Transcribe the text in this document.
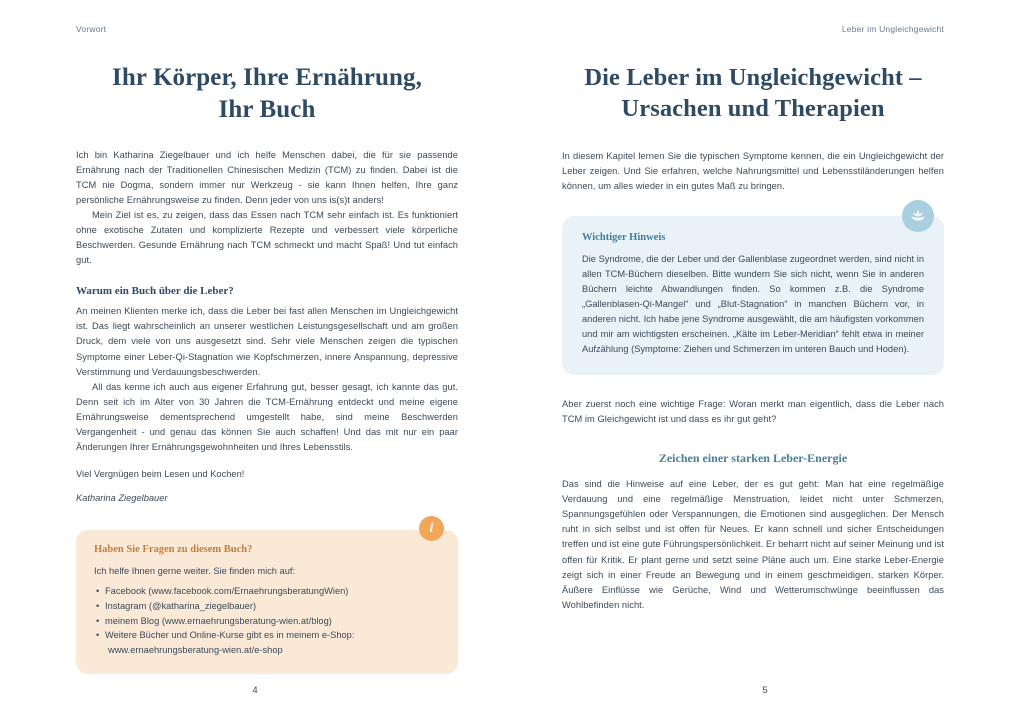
Vorwort
Ihr Körper, Ihre Ernährung,
Ihr Buch

Ich bin Katharina Ziegelbauer und ich helfe Menschen dabei, die für sie passende Ernährung nach der Traditionellen Chinesischen Medizin (TCM) zu finden. Dabei ist die TCM nie Dogma, sondern immer nur Werkzeug - sie kann Ihnen helfen, Ihre ganz persönliche Ernährungsweise zu finden. Denn jeder von uns is(s)t anders!

Mein Ziel ist es, zu zeigen, dass das Essen nach TCM sehr einfach ist. Es funktioniert ohne exotische Zutaten und komplizierte Rezepte und verbessert viele körperliche Beschwerden. Gesunde Ernährung nach TCM schmeckt und macht Spaß! Und tut einfach gut.

Warum ein Buch über die Leber?

An meinen Klienten merke ich, dass die Leber bei fast allen Menschen im Ungleichgewicht ist. Das liegt wahrscheinlich an unserer westlichen Leistungsgesellschaft und am großen Druck, dem viele von uns ausgesetzt sind. Sehr viele Menschen zeigen die typischen Symptome einer Leber-Qi-Stagnation wie Kopfschmerzen, innere Anspannung, depressive Verstimmung und Verdauungsbeschwerden.

All das kenne ich auch aus eigener Erfahrung gut, besser gesagt, ich kannte das gut. Denn seit ich im Alter von 30 Jahren die TCM-Ernährung entdeckt und meine eigene Ernährungsweise dementsprechend umgestellt habe, sind meine Beschwerden Vergangenheit - und genau das können Sie auch schaffen! Und das mit nur ein paar Änderungen Ihrer Ernährungsgewohnheiten und Ihres Lebensstils.

Viel Vergnügen beim Lesen und Kochen!

Katharina Ziegelbauer

i
Haben Sie Fragen zu diesem Buch?

Ich helfe Ihnen gerne weiter. Sie finden mich auf:

• Facebook (www.facebook.com/ErnaehrungsberatungWien)
• Instagram (@katharina_ziegelbauer)
• meinem Blog (www.ernaehrungsberatung-wien.at/blog)
• Weitere Bücher und Online-Kurse gibt es in meinem e-Shop:
www.ernaehrungsberatung-wien.at/e-shop
4
Leber im Ungleichgewicht
Die Leber im Ungleichgewicht –
Ursachen und Therapien

In diesem Kapitel lernen Sie die typischen Symptome kennen, die ein Ungleichgewicht der Leber zeigen. Und Sie erfahren, welche Nahrungsmittel und Lebensstiländerungen helfen können, um alles wieder in ein gutes Maß zu bringen.

Wichtiger Hinweis

Die Syndrome, die der Leber und der Gallenblase zugeordnet werden, sind nicht in allen TCM-Büchern dieselben. Bitte wundern Sie sich nicht, wenn Sie in anderen Büchern leichte Abwandlungen finden. So kommen z.B. die Syndrome „Gallenblasen-Qi-Mangel“ und „Blut-Stagnation“ in manchen Büchern vor, in anderen nicht. Ich habe jene Syndrome ausgewählt, die am häufigsten vorkommen und mir am wichtigsten erscheinen. „Kälte im Leber-Meridian“ fehlt etwa in meiner Aufzählung (Symptome: Ziehen und Schmerzen im unteren Bauch und Hoden).

Aber zuerst noch eine wichtige Frage: Woran merkt man eigentlich, dass die Leber nach TCM im Gleichgewicht ist und dass es ihr gut geht?

Zeichen einer starken Leber-Energie

Das sind die Hinweise auf eine Leber, der es gut geht: Man hat eine regelmäßige Verdauung und eine regelmäßige Menstruation, leidet nicht unter Schmerzen, Spannungsgefühlen oder Verspannungen, die Emotionen sind ausgeglichen. Der Mensch ruht in sich selbst und ist offen für Neues. Er kann schnell und sicher Entscheidungen treffen und ist eine gute Führungspersönlichkeit. Er beharrt nicht auf seiner Meinung und ist offen für Kritik. Er plant gerne und setzt seine Pläne auch um. Eine starke Leber-Energie zeigt sich in einer Freude an Bewegung und in einem geschmeidigen, starken Körper. Äußere Einflüsse wie Gerüche, Wind und Wetterumschwünge beeinflussen das Wohlbefinden nicht.

5
